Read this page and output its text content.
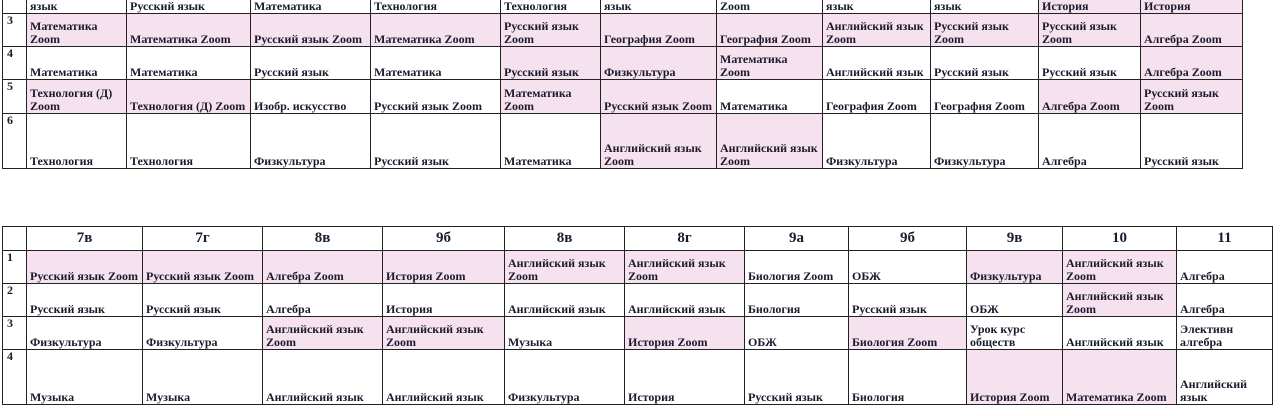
	язык	Русский язык	Математика	Технология	Технология	язык	Zoom	язык	язык	История	История
3	Математика Zoom	Математика Zoom	Русский язык Zoom	Математика Zoom	Русский язык Zoom	География Zoom	География Zoom	Английский язык Zoom	Русский язык Zoom	Русский язык Zoom	Алгебра Zoom
4	Математика	Математика	Русский язык	Математика	Русский язык	Физкультура	Математика Zoom	Английский язык	Русский язык	Русский язык	Алгебра Zoom
5	Технология (Д) Zoom	Технология (Д) Zoom	Изобр. искусство	Русский язык Zoom	Математика Zoom	Русский язык Zoom	Математика	География Zoom	География Zoom	Алгебра Zoom	Русский язык Zoom
6	Технология	Технология	Физкультура	Русский язык	Математика	Английский язык Zoom	Английский язык Zoom	Физкультура	Физкультура	Алгебра	Русский язык
	7в	7г	8в	9б	8в	8г	9а	9б	9в	10	11
1	Русский язык Zoom	Русский язык Zoom	Алгебра Zoom	История Zoom	Английский язык Zoom	Английский язык Zoom	Биология Zoom	ОБЖ	Физкультура	Английский язык Zoom	Алгебра
2	Русский язык	Русский язык	Алгебра	История	Английский язык	Английский язык	Биология	Русский язык	ОБЖ	Английский язык Zoom	Алгебра
3	Физкультура	Физкультура	Английский язык Zoom	Английский язык Zoom	Музыка	История Zoom	ОБЖ	Биология Zoom	Урок курс обществ	Английский язык	Элективн алгебра
4	Музыка	Музыка	Английский язык	Английский язык	Физкультура	История	Русский язык	Биология	История Zoom	Математика Zoom	Английский язык
